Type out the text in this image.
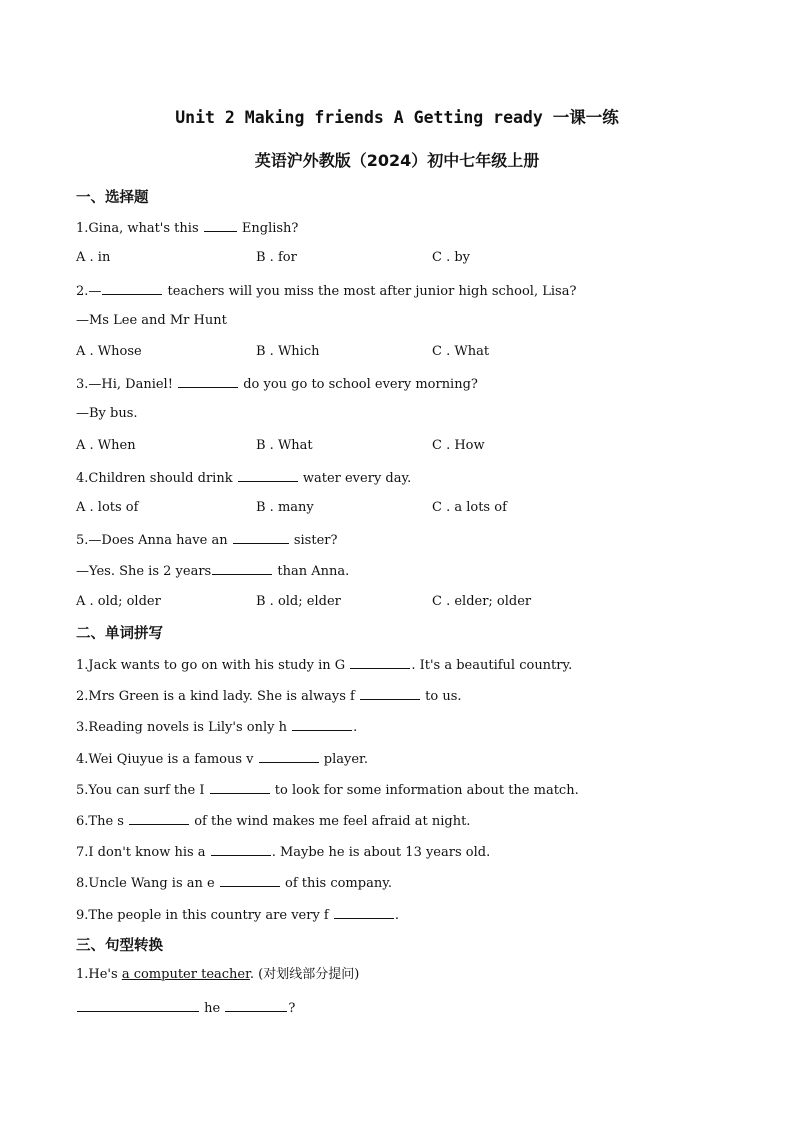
Unit 2 Making friends A Getting ready 一课一练
英语沪外教版（2024）初中七年级上册
一、选择题
1.Gina, what's this	English?
A . in	B . for	C . by
2.—	teachers will you miss the most after junior high school, Lisa?
—Ms Lee and Mr Hunt
A . Whose	B . Which	C . What
3.—Hi, Daniel!	do you go to school every morning?
—By bus.
A . When	B . What	C . How
4.Children should drink	water every day.
A . lots of	B . many	C . a lots of
5.—Does Anna have an	sister?
—Yes. She is 2 years	than Anna.
A . old; older	B . old; elder	C . elder; older
二、单词拼写
1.Jack wants to go on with his study in G	. It's a beautiful country.
2.Mrs Green is a kind lady. She is always f	to us.
3.Reading novels is Lily's only h	.
4.Wei Qiuyue is a famous v	player.
5.You can surf the I	to look for some information about the match.
6.The s	of the wind makes me feel afraid at night.
7.I don't know his a	. Maybe he is about 13 years old.
8.Uncle Wang is an e	of this company.
9.The people in this country are very f	.
三、句型转换
1.He's a computer teacher. (对划线部分提问)
he	?
